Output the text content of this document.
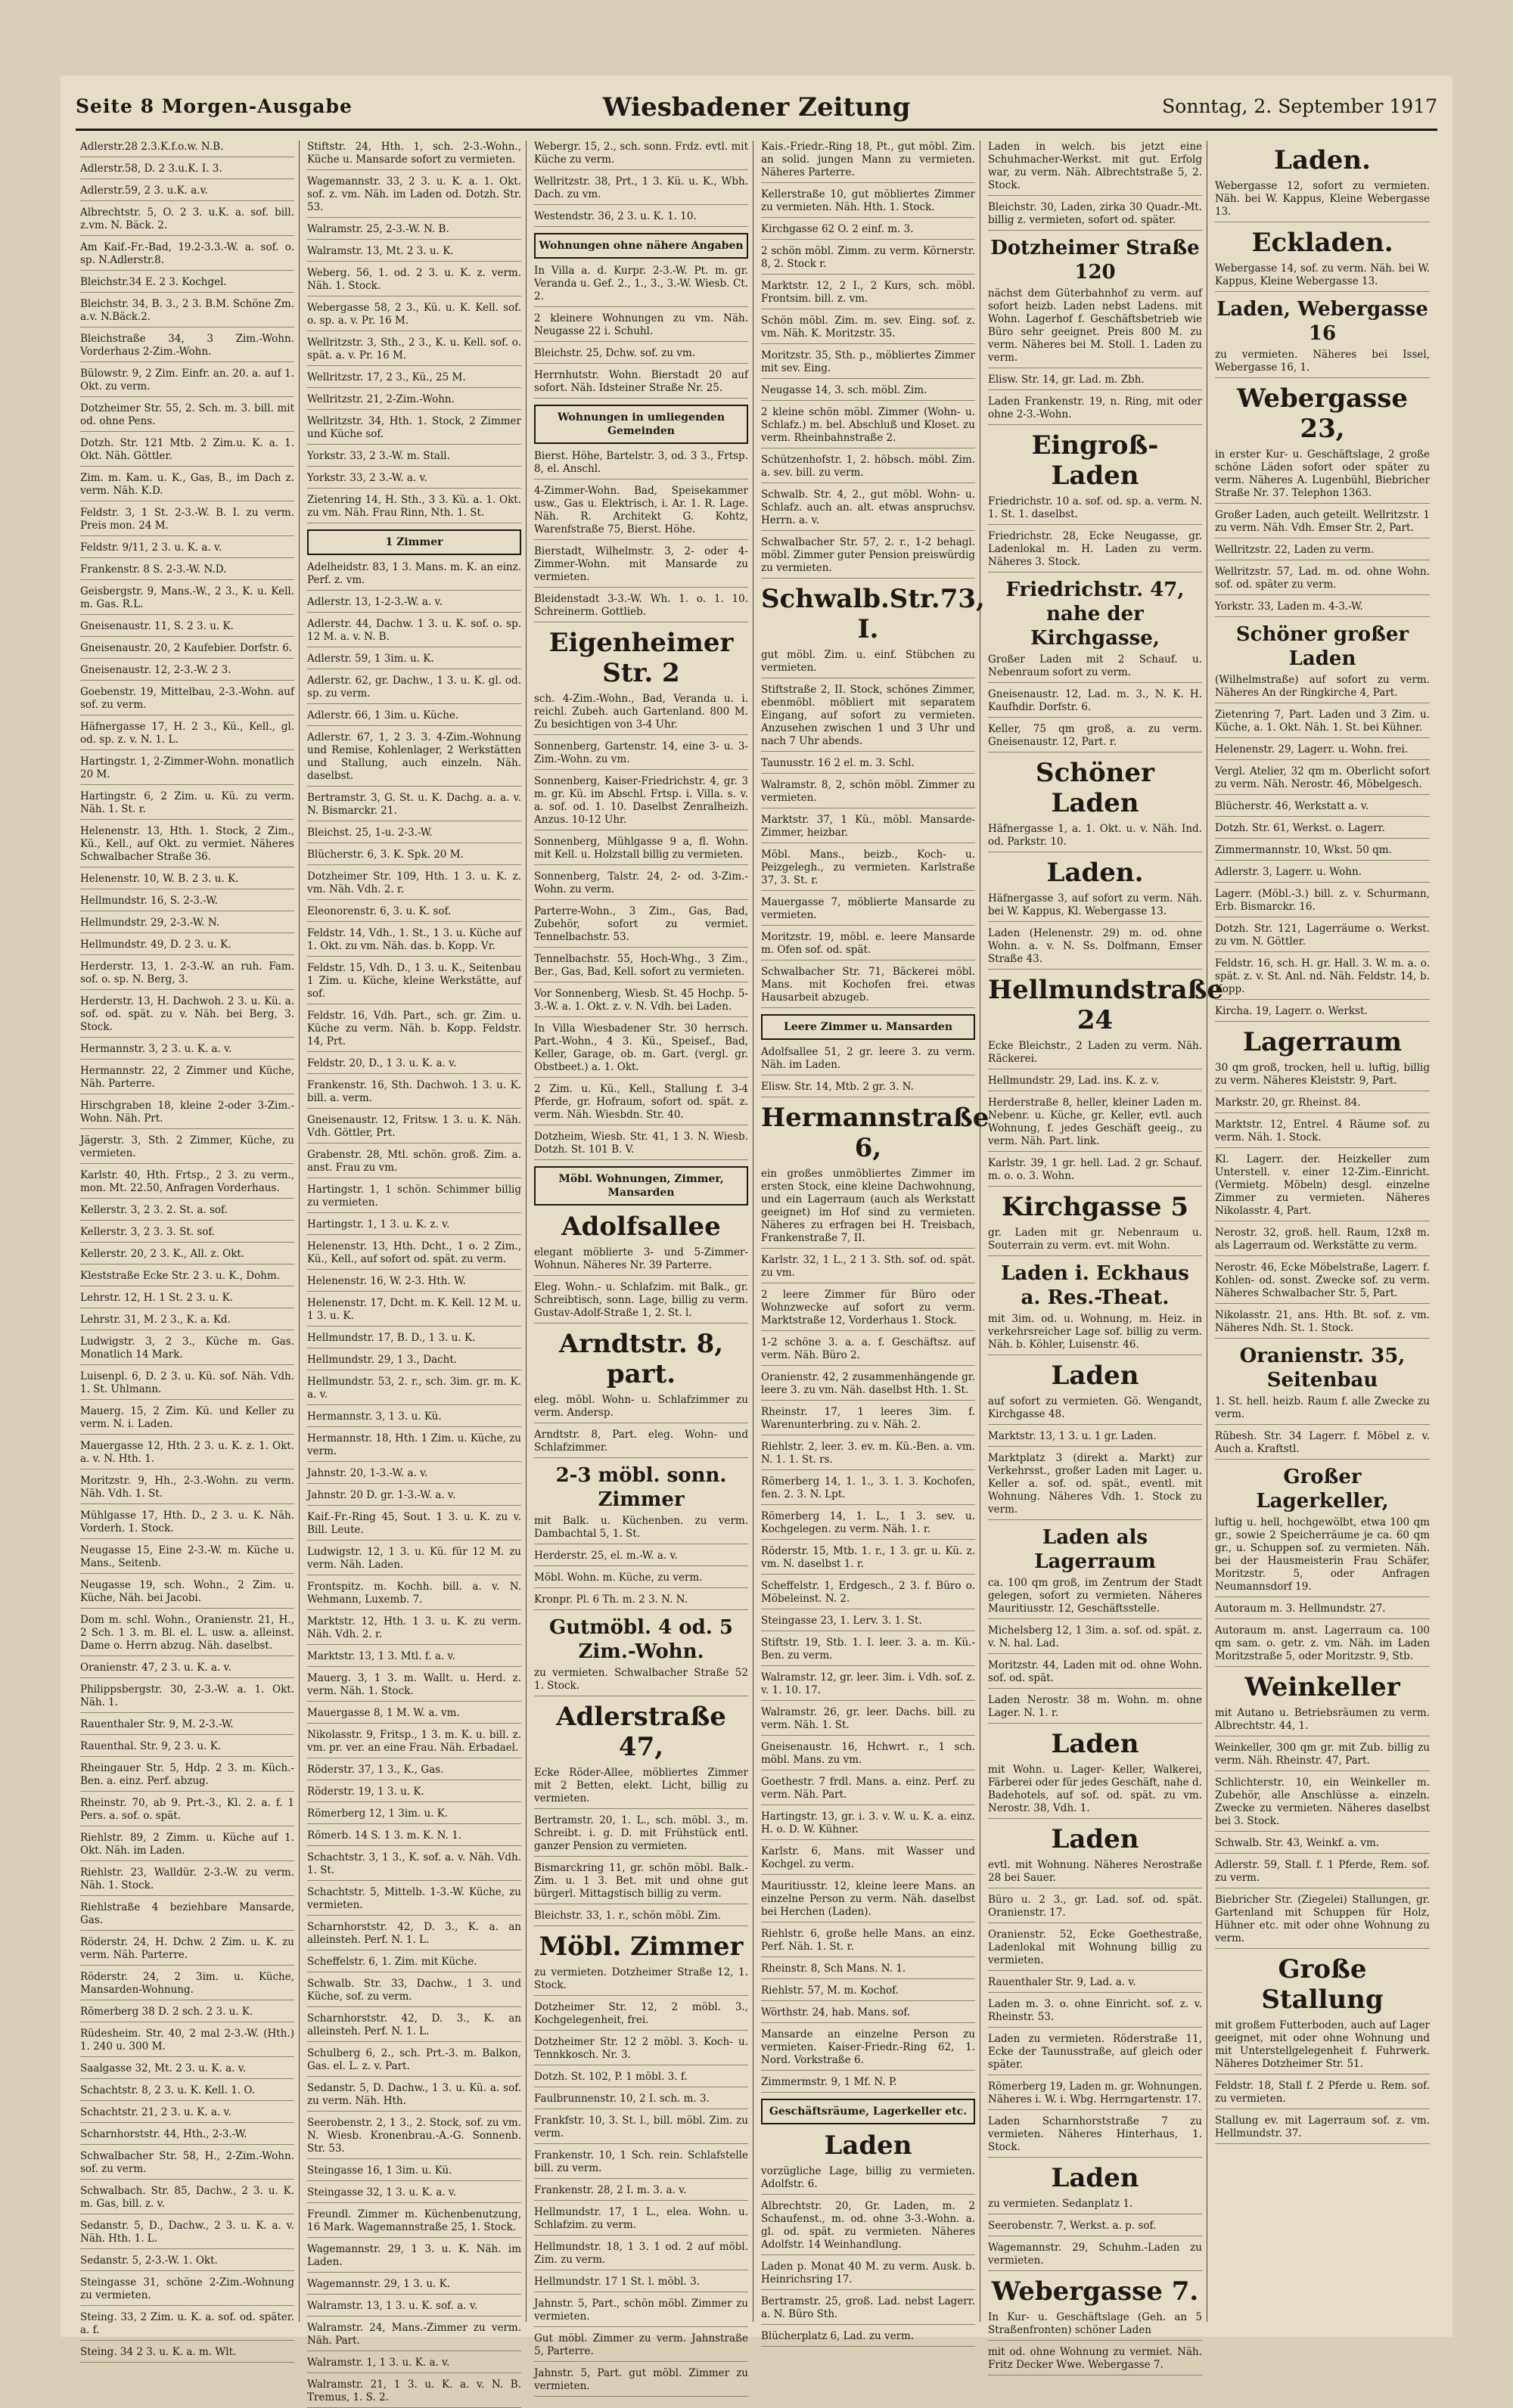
Seite 8 Morgen-Ausgabe	Wiesbadener Zeitung	Sonntag, 2. September 1917
Adlerstr.28 2.3.K.f.o.w. N.B.
Adlerstr.58, D. 2 3.u.K. I. 3.
Adlerstr.59, 2 3. u.K. a.v.
Albrechtstr. 5, O. 2 3. u.K. a. sof. bill. z.vm. N. Bäck. 2.
Am Kaif.-Fr.-Bad, 19.2-3.3.-W. a. sof. o. sp. N.Adlerstr.8.
Bleichstr.34 E. 2 3. Kochgel.
Bleichstr. 34, B. 3., 2 3. B.M. Schöne Zm. a.v. N.Bäck.2.
Bleichstraße 34, 3 Zim.-Wohn. Vorderhaus 2-Zim.-Wohn.
Bülowstr. 9, 2 Zim. Einfr. an. 20. a. auf 1. Okt. zu verm.
Dotzheimer Str. 55, 2. Sch. m. 3. bill. mit od. ohne Pens.
Dotzh. Str. 121 Mtb. 2 Zim.u. K. a. 1. Okt. Näh. Göttler.
Zim. m. Kam. u. K., Gas, B., im Dach z. verm. Näh. K.D.
Feldstr. 3, 1 St. 2-3.-W. B. I. zu verm. Preis mon. 24 M.
Feldstr. 9/11, 2 3. u. K. a. v.
Frankenstr. 8 S. 2-3.-W. N.D.
Geisbergstr. 9, Mans.-W., 2 3., K. u. Kell. m. Gas. R.L.
Gneisenaustr. 11, S. 2 3. u. K.
Gneisenaustr. 20, 2 Kaufebier. Dorfstr. 6.
Gneisenaustr. 12, 2-3.-W. 2 3.
Goebenstr. 19, Mittelbau, 2-3.-Wohn. auf sof. zu verm.
Häfnergasse 17, H. 2 3., Kü., Kell., gl. od. sp. z. v. N. 1. L.
Hartingstr. 1, 2-Zimmer-Wohn. monatlich 20 M.
Hartingstr. 6, 2 Zim. u. Kü. zu verm. Näh. 1. St. r.
Helenenstr. 13, Hth. 1. Stock, 2 Zim., Kü., Kell., auf Okt. zu vermiet. Näheres Schwalbacher Straße 36.
Helenenstr. 10, W. B. 2 3. u. K.
Hellmundstr. 16, S. 2-3.-W.
Hellmundstr. 29, 2-3.-W. N.
Hellmundstr. 49, D. 2 3. u. K.
Herderstr. 13, 1. 2-3.-W. an ruh. Fam. sof. o. sp. N. Berg, 3.
Herderstr. 13, H. Dachwoh. 2 3. u. Kü. a. sof. od. spät. zu v. Näh. bei Berg, 3. Stock.
Hermannstr. 3, 2 3. u. K. a. v.
Hermannstr. 22, 2 Zimmer und Küche, Näh. Parterre.
Hirschgraben 18, kleine 2-oder 3-Zim.-Wohn. Näh. Prt.
Jägerstr. 3, Sth. 2 Zimmer, Küche, zu vermieten.
Karlstr. 40, Hth. Frtsp., 2 3. zu verm., mon. Mt. 22.50, Anfragen Vorderhaus.
Kellerstr. 3, 2 3. 2. St. a. sof.
Kellerstr. 3, 2 3. 3. St. sof.
Kellerstr. 20, 2 3. K., All. z. Okt.
Kleststraße Ecke Str. 2 3. u. K., Dohm.
Lehrstr. 12, H. 1 St. 2 3. u. K.
Lehrstr. 31, M. 2 3., K. a. Kd.
Ludwigstr. 3, 2 3., Küche m. Gas. Monatlich 14 Mark.
Luisenpl. 6, D. 2 3. u. Kü. sof. Näh. Vdh. 1. St. Uhlmann.
Mauerg. 15, 2 Zim. Kü. und Keller zu verm. N. i. Laden.
Mauergasse 12, Hth. 2 3. u. K. z. 1. Okt. a. v. N. Hth. 1.
Moritzstr. 9, Hh., 2-3.-Wohn. zu verm. Näh. Vdh. 1. St.
Mühlgasse 17, Hth. D., 2 3. u. K. Näh. Vorderh. 1. Stock.
Neugasse 15, Eine 2-3.-W. m. Küche u. Mans., Seitenb.
Neugasse 19, sch. Wohn., 2 Zim. u. Küche, Näh. bei Jacobi.
Dom m. schl. Wohn., Oranienstr. 21, H., 2 Sch. 1 3. m. Bl. el. L. usw. a. alleinst. Dame o. Herrn abzug. Näh. daselbst.
Oranienstr. 47, 2 3. u. K. a. v.
Philippsbergstr. 30, 2-3.-W. a. 1. Okt. Näh. 1.
Rauenthaler Str. 9, M. 2-3.-W.
Rauenthal. Str. 9, 2 3. u. K.
Rheingauer Str. 5, Hdp. 2 3. m. Küch.-Ben. a. einz. Perf. abzug.
Rheinstr. 70, ab 9. Prt.-3., Kl. 2. a. f. 1 Pers. a. sof. o. spät.
Riehlstr. 89, 2 Zimm. u. Küche auf 1. Okt. Näh. im Laden.
Riehlstr. 23, Walldür. 2-3.-W. zu verm. Näh. 1. Stock.
Riehlstraße 4 beziehbare Mansarde, Gas.
Röderstr. 24, H. Dchw. 2 Zim. u. K. zu verm. Näh. Parterre.
Röderstr. 24, 2 3im. u. Küche, Mansarden-Wohnung.
Römerberg 38 D. 2 sch. 2 3. u. K.
Rüdesheim. Str. 40, 2 mal 2-3.-W. (Hth.) 1. 240 u. 300 M.
Saalgasse 32, Mt. 2 3. u. K. a. v.
Schachtstr. 8, 2 3. u. K. Kell. 1. O.
Schachtstr. 21, 2 3. u. K. a. v.
Scharnhorststr. 44, Hth., 2-3.-W.
Schwalbacher Str. 58, H., 2-Zim.-Wohn. sof. zu verm.
Schwalbach. Str. 85, Dachw., 2 3. u. K. m. Gas, bill. z. v.
Sedanstr. 5, D., Dachw., 2 3. u. K. a. v. Näh. Hth. 1. L.
Sedanstr. 5, 2-3.-W. 1. Okt.
Steingasse 31, schöne 2-Zim.-Wohnung zu vermieten.
Steing. 33, 2 Zim. u. K. a. sof. od. später. a. f.
Steing. 34 2 3. u. K. a. m. Wlt.
Stiftstr. 24, Hth. 1, sch. 2-3.-Wohn., Küche u. Mansarde sofort zu vermieten.
Wagemannstr. 33, 2 3. u. K. a. 1. Okt. sof. z. vm. Näh. im Laden od. Dotzh. Str. 53.
Walramstr. 25, 2-3.-W. N. B.
Walramstr. 13, Mt. 2 3. u. K.
Weberg. 56, 1. od. 2 3. u. K. z. verm. Näh. 1. Stock.
Webergasse 58, 2 3., Kü. u. K. Kell. sof. o. sp. a. v. Pr. 16 M.
Wellritzstr. 3, Sth., 2 3., K. u. Kell. sof. o. spät. a. v. Pr. 16 M.
Wellritzstr. 17, 2 3., Kü., 25 M.
Wellritzstr. 21, 2-Zim.-Wohn.
Wellritzstr. 34, Hth. 1. Stock, 2 Zimmer und Küche sof.
Yorkstr. 33, 2 3.-W. m. Stall.
Yorkstr. 33, 2 3.-W. a. v.
Zietenring 14, H. Sth., 3 3. Kü. a. 1. Okt. zu vm. Näh. Frau Rinn, Nth. 1. St.
1 Zimmer
Adelheidstr. 83, 1 3. Mans. m. K. an einz. Perf. z. vm.
Adlerstr. 13, 1-2-3.-W. a. v.
Adlerstr. 44, Dachw. 1 3. u. K. sof. o. sp. 12 M. a. v. N. B.
Adlerstr. 59, 1 3im. u. K.
Adlerstr. 62, gr. Dachw., 1 3. u. K. gl. od. sp. zu verm.
Adlerstr. 66, 1 3im. u. Küche.
Adlerstr. 67, 1, 2 3. 3. 4-Zim.-Wohnung und Remise, Kohlenlager, 2 Werkstätten und Stallung, auch einzeln. Näh. daselbst.
Bertramstr. 3, G. St. u. K. Dachg. a. a. v. N. Bismarckr. 21.
Bleichst. 25, 1-u. 2-3.-W.
Blücherstr. 6, 3. K. Spk. 20 M.
Dotzheimer Str. 109, Hth. 1 3. u. K. z. vm. Näh. Vdh. 2. r.
Eleonorenstr. 6, 3. u. K. sof.
Feldstr. 14, Vdh., 1. St., 1 3. u. Küche auf 1. Okt. zu vm. Näh. das. b. Kopp. Vr.
Feldstr. 15, Vdh. D., 1 3. u. K., Seitenbau 1 Zim. u. Küche, kleine Werkstätte, auf sof.
Feldstr. 16, Vdh. Part., sch. gr. Zim. u. Küche zu verm. Näh. b. Kopp. Feldstr. 14, Prt.
Feldstr. 20, D., 1 3. u. K. a. v.
Frankenstr. 16, Sth. Dachwoh. 1 3. u. K. bill. a. verm.
Gneisenaustr. 12, Fritsw. 1 3. u. K. Näh. Vdh. Göttler, Prt.
Grabenstr. 28, Mtl. schön. groß. Zim. a. anst. Frau zu vm.
Hartingstr. 1, 1 schön. Schimmer billig zu vermieten.
Hartingstr. 1, 1 3. u. K. z. v.
Helenenstr. 13, Hth. Dcht., 1 o. 2 Zim., Kü., Kell., auf sofort od. spät. zu verm.
Helenenstr. 16, W. 2-3. Hth. W.
Helenenstr. 17, Dcht. m. K. Kell. 12 M. u. 1 3. u. K.
Hellmundstr. 17, B. D., 1 3. u. K.
Hellmundstr. 29, 1 3., Dacht.
Hellmundstr. 53, 2. r., sch. 3im. gr. m. K. a. v.
Hermannstr. 3, 1 3. u. Kü.
Hermannstr. 18, Hth. 1 Zim. u. Küche, zu verm.
Jahnstr. 20, 1-3.-W. a. v.
Jahnstr. 20 D. gr. 1-3.-W. a. v.
Kaif.-Fr.-Ring 45, Sout. 1 3. u. K. zu v. Bill. Leute.
Ludwigstr. 12, 1 3. u. Kü. für 12 M. zu verm. Näh. Laden.
Frontspitz. m. Kochh. bill. a. v. N. Wehmann, Luxemb. 7.
Marktstr. 12, Hth. 1 3. u. K. zu verm. Näh. Vdh. 2. r.
Marktstr. 13, 1 3. Mtl. f. a. v.
Mauerg. 3, 1 3. m. Wallt. u. Herd. z. verm. Näh. 1. Stock.
Mauergasse 8, 1 M. W. a. vm.
Nikolasstr. 9, Fritsp., 1 3. m. K. u. bill. z. vm. pr. ver. an eine Frau. Näh. Erbadael.
Röderstr. 37, 1 3., K., Gas.
Röderstr. 19, 1 3. u. K.
Römerberg 12, 1 3im. u. K.
Römerb. 14 S. 1 3. m. K. N. 1.
Schachtstr. 3, 1 3., K. sof. a. v. Näh. Vdh. 1. St.
Schachtstr. 5, Mittelb. 1-3.-W. Küche, zu vermieten.
Scharnhorststr. 42, D. 3., K. a. an alleinsteh. Perf. N. 1. L.
Scheffelstr. 6, 1. Zim. mit Küche.
Schwalb. Str. 33, Dachw., 1 3. und Küche, sof. zu verm.
Scharnhorststr. 42, D. 3., K. an alleinsteh. Perf. N. 1. L.
Schulberg 6, 2., sch. Prt.-3. m. Balkon, Gas. el. L. z. v. Part.
Sedanstr. 5, D. Dachw., 1 3. u. Kü. a. sof. zu verm. Näh. Hth.
Seerobenstr. 2, 1 3., 2. Stock, sof. zu vm. N. Wiesb. Kronenbrau.-A.-G. Sonnenb. Str. 53.
Steingasse 16, 1 3im. u. Kü.
Steingasse 32, 1 3. u. K. a. v.
Freundl. Zimmer m. Küchenbenutzung, 16 Mark. Wagemannstraße 25, 1. Stock.
Wagemannstr. 29, 1 3. u. K. Näh. im Laden.
Wagemannstr. 29, 1 3. u. K.
Walramstr. 13, 1 3. u. K. sof. a. v.
Walramstr. 24, Mans.-Zimmer zu verm. Näh. Part.
Walramstr. 1, 1 3. u. K. a. v.
Walramstr. 21, 1 3. u. K. a. v. N. B. Tremus, 1. S. 2.
Webergr. 15, 2., sch. sonn. Frdz. evtl. mit Küche zu verm.
Wellritzstr. 38, Prt., 1 3. Kü. u. K., Wbh. Dach. zu vm.
Westendstr. 36, 2 3. u. K. 1. 10.
Wohnungen ohne nähere Angaben
In Villa a. d. Kurpr. 2-3.-W. Pt. m. gr. Veranda u. Gef. 2., 1., 3., 3.-W. Wiesb. Ct. 2.
2 kleinere Wohnungen zu vm. Näh. Neugasse 22 i. Schuhl.
Bleichstr. 25, Dchw. sof. zu vm.
Herrnhutstr. Wohn. Bierstadt 20 auf sofort. Näh. Idsteiner Straße Nr. 25.
Wohnungen in umliegenden Gemeinden
Bierst. Höhe, Bartelstr. 3, od. 3 3., Frtsp. 8, el. Anschl.
4-Zimmer-Wohn. Bad, Speisekammer usw., Gas u. Elektrisch, i. Ar. 1. R. Lage. Näh. R. Architekt G. Kohtz, Warenfstraße 75, Bierst. Höhe.
Bierstadt, Wilhelmstr. 3, 2- oder 4-Zimmer-Wohn. mit Mansarde zu vermieten.
Bleidenstadt 3-3.-W. Wh. 1. o. 1. 10. Schreinerm. Gottlieb.
Eigenheimer Str. 2
sch. 4-Zim.-Wohn., Bad, Veranda u. i. reichl. Zubeh. auch Gartenland. 800 M. Zu besichtigen von 3-4 Uhr.
Sonnenberg, Gartenstr. 14, eine 3- u. 3-Zim.-Wohn. zu vm.
Sonnenberg, Kaiser-Friedrichstr. 4, gr. 3 m. gr. Kü. im Abschl. Frtsp. i. Villa. s. v. a. sof. od. 1. 10. Daselbst Zenralheizh. Anzus. 10-12 Uhr.
Sonnenberg, Mühlgasse 9 a, fl. Wohn. mit Kell. u. Holzstall billig zu vermieten.
Sonnenberg, Talstr. 24, 2- od. 3-Zim.-Wohn. zu verm.
Parterre-Wohn., 3 Zim., Gas, Bad, Zubehör, sofort zu vermiet. Tennelbachstr. 53.
Tennelbachstr. 55, Hoch-Whg., 3 Zim., Ber., Gas, Bad, Kell. sofort zu vermieten.
Vor Sonnenberg, Wiesb. St. 45 Hochp. 5-3.-W. a. 1. Okt. z. v. N. Vdh. bei Laden.
In Villa Wiesbadener Str. 30 herrsch. Part.-Wohn., 4 3. Kü., Speisef., Bad, Keller, Garage, ob. m. Gart. (vergl. gr. Obstbeet.) a. 1. Okt.
2 Zim. u. Kü., Kell., Stallung f. 3-4 Pferde, gr. Hofraum, sofort od. spät. z. verm. Näh. Wiesbdn. Str. 40.
Dotzheim, Wiesb. Str. 41, 1 3. N. Wiesb. Dotzh. St. 101 B. V.
Möbl. Wohnungen, Zimmer, Mansarden
Adolfsallee
elegant möblierte 3- und 5-Zimmer-Wohnun. Näheres Nr. 39 Parterre.
Eleg. Wohn.- u. Schlafzim. mit Balk., gr. Schreibtisch, sonn. Lage, billig zu verm. Gustav-Adolf-Straße 1, 2. St. l.
Arndtstr. 8, part.
eleg. möbl. Wohn- u. Schlafzimmer zu verm. Andersp.
Arndtstr. 8, Part. eleg. Wohn- und Schlafzimmer.
2-3 möbl. sonn. Zimmer
mit Balk. u. Küchenben. zu verm. Dambachtal 5, 1. St.
Herderstr. 25, el. m.-W. a. v.
Möbl. Wohn. m. Küche, zu verm.
Kronpr. Pl. 6 Th. m. 2 3. N. N.
Gutmöbl. 4 od. 5 Zim.-Wohn.
zu vermieten. Schwalbacher Straße 52 1. Stock.
Adlerstraße 47,
Ecke Röder-Allee, möbliertes Zimmer mit 2 Betten, elekt. Licht, billig zu vermieten.
Bertramstr. 20, 1. L., sch. möbl. 3., m. Schreibt. i. g. D. mit Frühstück entl. ganzer Pension zu vermieten.
Bismarckring 11, gr. schön möbl. Balk.-Zim. u. 1 3. Bet. mit und ohne gut bürgerl. Mittagstisch billig zu verm.
Bleichstr. 33, 1. r., schön möbl. Zim.
Möbl. Zimmer
zu vermieten. Dotzheimer Straße 12, 1. Stock.
Dotzheimer Str. 12, 2 möbl. 3., Kochgelegenheit, frei.
Dotzheimer Str. 12 2 möbl. 3. Koch- u. Tennkkosch. Nr. 3.
Dotzh. St. 102, P. 1 möbl. 3. f.
Faulbrunnenstr. 10, 2 I. sch. m. 3.
Frankfstr. 10, 3. St. l., bill. möbl. Zim. zu verm.
Frankenstr. 10, 1 Sch. rein. Schlafstelle bill. zu verm.
Frankenstr. 28, 2 I. m. 3. a. v.
Hellmundstr. 17, 1 L., elea. Wohn. u. Schlafzim. zu verm.
Hellmundstr. 18, 1 3. 1 od. 2 auf möbl. Zim. zu verm.
Hellmundstr. 17 1 St. l. möbl. 3.
Jahnstr. 5, Part., schön möbl. Zimmer zu vermieten.
Gut möbl. Zimmer zu verm. Jahnstraße 5, Parterre.
Jahnstr. 5, Part. gut möbl. Zimmer zu vermieten.
Kais.-Friedr.-Ring 18, Pt., gut möbl. Zim. an solid. jungen Mann zu vermieten. Näheres Parterre.
Kellerstraße 10, gut möbliertes Zimmer zu vermieten. Näh. Hth. 1. Stock.
Kirchgasse 62 O. 2 einf. m. 3.
2 schön möbl. Zimm. zu verm. Körnerstr. 8, 2. Stock r.
Marktstr. 12, 2 I., 2 Kurs, sch. möbl. Frontsim. bill. z. vm.
Schön möbl. Zim. m. sev. Eing. sof. z. vm. Näh. K. Moritzstr. 35.
Moritzstr. 35, Sth. p., möbliertes Zimmer mit sev. Eing.
Neugasse 14, 3. sch. möbl. Zim.
2 kleine schön möbl. Zimmer (Wohn- u. Schlafz.) m. bel. Abschluß und Kloset. zu verm. Rheinbahnstraße 2.
Schützenhofstr. 1, 2. höbsch. möbl. Zim. a. sev. bill. zu verm.
Schwalb. Str. 4, 2., gut möbl. Wohn- u. Schlafz. auch an. alt. etwas anspruchsv. Herrn. a. v.
Schwalbacher Str. 57, 2. r., 1-2 behagl. möbl. Zimmer guter Pension preiswürdig zu vermieten.
Schwalb.Str.73, I.
gut möbl. Zim. u. einf. Stübchen zu vermieten.
Stiftstraße 2, II. Stock, schönes Zimmer, ebenmöbl. möbliert mit separatem Eingang, auf sofort zu vermieten. Anzusehen zwischen 1 und 3 Uhr und nach 7 Uhr abends.
Taunusstr. 16 2 el. m. 3. Schl.
Walramstr. 8, 2, schön möbl. Zimmer zu vermieten.
Marktstr. 37, 1 Kü., möbl. Mansarde-Zimmer, heizbar.
Möbl. Mans., beizb., Koch- u. Peizgelegh., zu vermieten. Karlstraße 37, 3. St. r.
Mauergasse 7, möblierte Mansarde zu vermieten.
Moritzstr. 19, möbl. e. leere Mansarde m. Ofen sof. od. spät.
Schwalbacher Str. 71, Bäckerei möbl. Mans. mit Kochofen frei. etwas Hausarbeit abzugeb.
Leere Zimmer u. Mansarden
Adolfsallee 51, 2 gr. leere 3. zu verm. Näh. im Laden.
Elisw. Str. 14, Mtb. 2 gr. 3. N.
Hermannstraße 6,
ein großes unmöbliertes Zimmer im ersten Stock, eine kleine Dachwohnung, und ein Lagerraum (auch als Werkstatt geeignet) im Hof sind zu vermieten. Näheres zu erfragen bei H. Treisbach, Frankenstraße 7, II.
Karlstr. 32, 1 L., 2 1 3. Sth. sof. od. spät. zu vm.
2 leere Zimmer für Büro oder Wohnzwecke auf sofort zu verm. Marktstraße 12, Vorderhaus 1. Stock.
1-2 schöne 3. a. a. f. Geschäftsz. auf verm. Näh. Büro 2.
Oranienstr. 42, 2 zusammenhängende gr. leere 3. zu vm. Näh. daselbst Hth. 1. St.
Rheinstr. 17, 1 leeres 3im. f. Warenunterbring. zu v. Näh. 2.
Riehlstr. 2, leer. 3. ev. m. Kü.-Ben. a. vm. N. 1. 1. St. rs.
Römerberg 14, 1. 1., 3. 1. 3. Kochofen, fen. 2. 3. N. Lpt.
Römerberg 14, 1. L., 1 3. sev. u. Kochgelegen. zu verm. Näh. 1. r.
Röderstr. 15, Mtb. 1. r., 1 3. gr. u. Kü. z. vm. N. daselbst 1. r.
Scheffelstr. 1, Erdgesch., 2 3. f. Büro o. Möbeleinst. N. 2.
Steingasse 23, 1. Lerv. 3. 1. St.
Stiftstr. 19, Stb. 1. I. leer. 3. a. m. Kü.-Ben. zu verm.
Walramstr. 12, gr. leer. 3im. i. Vdh. sof. z. v. 1. 10. 17.
Walramstr. 26, gr. leer. Dachs. bill. zu verm. Näh. 1. St.
Gneisenaustr. 16, Hchwrt. r., 1 sch. möbl. Mans. zu vm.
Goethestr. 7 frdl. Mans. a. einz. Perf. zu verm. Näh. Part.
Hartingstr. 13, gr. i. 3. v. W. u. K. a. einz. H. o. D. W. Kühner.
Karlstr. 6, Mans. mit Wasser und Kochgel. zu verm.
Mauritiusstr. 12, kleine leere Mans. an einzelne Person zu verm. Näh. daselbst bei Herchen (Laden).
Riehlstr. 6, große helle Mans. an einz. Perf. Näh. 1. St. r.
Rheinstr. 8, Sch Mans. N. 1.
Riehlstr. 57, M. m. Kochof.
Wörthstr. 24, hab. Mans. sof.
Mansarde an einzelne Person zu vermieten. Kaiser-Friedr.-Ring 62, 1. Nord. Vorkstraße 6.
Zimmermstr. 9, 1 Mf. N. P.
Geschäftsräume, Lagerkeller etc.
Laden
vorzügliche Lage, billig zu vermieten. Adolfstr. 6.
Albrechtstr. 20, Gr. Laden, m. 2 Schaufenst., m. od. ohne 3-3.-Wohn. a. gl. od. spät. zu vermieten. Näheres Adolfstr. 14 Weinhandlung.
Laden p. Monat 40 M. zu verm. Ausk. b. Heinrichsring 17.
Bertramstr. 25, groß. Lad. nebst Lagerr. a. N. Büro Sth.
Blücherplatz 6, Lad. zu verm.
Laden in welch. bis jetzt eine Schuhmacher-Werkst. mit gut. Erfolg war, zu verm. Näh. Albrechtstraße 5, 2. Stock.
Bleichstr. 30, Laden, zirka 30 Quadr.-Mt. billig z. vermieten, sofort od. später.
Dotzheimer Straße 120
nächst dem Güterbahnhof zu verm. auf sofort heizb. Laden nebst Ladens. mit Wohn. Lagerhof f. Geschäftsbetrieb wie Büro sehr geeignet. Preis 800 M. zu verm. Näheres bei M. Stoll. 1. Laden zu verm.
Elisw. Str. 14, gr. Lad. m. Zbh.
Laden Frankenstr. 19, n. Ring, mit oder ohne 2-3.-Wohn.
Eingroß-Laden
Friedrichstr. 10 a. sof. od. sp. a. verm. N. 1. St. 1. daselbst.
Friedrichstr. 28, Ecke Neugasse, gr. Ladenlokal m. H. Laden zu verm. Näheres 3. Stock.
Friedrichstr. 47, nahe der Kirchgasse,
Großer Laden mit 2 Schauf. u. Nebenraum sofort zu verm.
Gneisenaustr. 12, Lad. m. 3., N. K. H. Kaufhdir. Dorfstr. 6.
Keller, 75 qm groß, a. zu verm. Gneisenaustr. 12, Part. r.
Schöner Laden
Häfnergasse 1, a. 1. Okt. u. v. Näh. Ind. od. Parkstr. 10.
Laden.
Häfnergasse 3, auf sofort zu verm. Näh. bei W. Kappus, Kl. Webergasse 13.
Laden (Helenenstr. 29) m. od. ohne Wohn. a. v. N. Ss. Dolfmann, Emser Straße 43.
Hellmundstraße 24
Ecke Bleichstr., 2 Laden zu verm. Näh. Räckerei.
Hellmundstr. 29, Lad. ins. K. z. v.
Herderstraße 8, heller, kleiner Laden m. Nebenr. u. Küche, gr. Keller, evtl. auch Wohnung, f. jedes Geschäft geeig., zu verm. Näh. Part. link.
Karlstr. 39, 1 gr. hell. Lad. 2 gr. Schauf. m. o. o. 3. Wohn.
Kirchgasse 5
gr. Laden mit gr. Nebenraum u. Souterrain zu verm. evt. mit Wohn.
Laden i. Eckhaus a. Res.-Theat.
mit 3im. od. u. Wohnung, m. Heiz. in verkehrsreicher Lage sof. billig zu verm. Näh. b. Köhler, Luisenstr. 46.
Laden
auf sofort zu vermieten. Gö. Wengandt, Kirchgasse 48.
Marktstr. 13, 1 3. u. 1 gr. Laden.
Marktplatz 3 (direkt a. Markt) zur Verkehrsst., großer Laden mit Lager. u. Keller a. sof. od. spät., eventl. mit Wohnung. Näheres Vdh. 1. Stock zu verm.
Laden als Lagerraum
ca. 100 qm groß, im Zentrum der Stadt gelegen, sofort zu vermieten. Näheres Mauritiusstr. 12, Geschäftsstelle.
Michelsberg 12, 1 3im. a. sof. od. spät. z. v. N. hal. Lad.
Moritzstr. 44, Laden mit od. ohne Wohn. sof. od. spät.
Laden Nerostr. 38 m. Wohn. m. ohne Lager. N. 1. r.
Laden
mit Wohn. u. Lager- Keller, Walkerei, Färberei oder für jedes Geschäft, nahe d. Badehotels, auf sof. od. spät. zu vm. Nerostr. 38, Vdh. 1.
Laden
evtl. mit Wohnung. Näheres Nerostraße 28 bei Sauer.
Büro u. 2 3., gr. Lad. sof. od. spät. Oranienstr. 17.
Oranienstr. 52, Ecke Goethestraße, Ladenlokal mit Wohnung billig zu vermieten.
Rauenthaler Str. 9, Lad. a. v.
Laden m. 3. o. ohne Einricht. sof. z. v. Rheinstr. 53.
Laden zu vermieten. Röderstraße 11, Ecke der Taunusstraße, auf gleich oder später.
Römerberg 19, Laden m. gr. Wohnungen. Näheres i. W. i. Wbg. Herrngartenstr. 17.
Laden Scharnhorststraße 7 zu vermieten. Näheres Hinterhaus, 1. Stock.
Laden
zu vermieten. Sedanplatz 1.
Seerobenstr. 7, Werkst. a. p. sof.
Wagemannstr. 29, Schuhm.-Laden zu vermieten.
Webergasse 7.
In Kur- u. Geschäftslage (Geh. an 5 Straßenfronten) schöner Laden
mit od. ohne Wohnung zu vermiet. Näh. Fritz Decker Wwe. Webergasse 7.
Laden.
Webergasse 12, sofort zu vermieten. Näh. bei W. Kappus, Kleine Webergasse 13.
Eckladen.
Webergasse 14, sof. zu verm. Näh. bei W. Kappus, Kleine Webergasse 13.
Laden, Webergasse 16
zu vermieten. Näheres bei Issel, Webergasse 16, 1.
Webergasse 23,
in erster Kur- u. Geschäftslage, 2 große schöne Läden sofort oder später zu verm. Näheres A. Lugenbühl, Biebricher Straße Nr. 37. Telephon 1363.
Großer Laden, auch geteilt. Wellritzstr. 1 zu verm. Näh. Vdh. Emser Str. 2, Part.
Wellritzstr. 22, Laden zu verm.
Wellritzstr. 57, Lad. m. od. ohne Wohn. sof. od. später zu verm.
Yorkstr. 33, Laden m. 4-3.-W.
Schöner großer Laden
(Wilhelmstraße) auf sofort zu verm. Näheres An der Ringkirche 4, Part.
Zietenring 7, Part. Laden und 3 Zim. u. Küche, a. 1. Okt. Näh. 1. St. bei Kühner.
Helenenstr. 29, Lagerr. u. Wohn. frei.
Vergl. Atelier, 32 qm m. Oberlicht sofort zu verm. Näh. Nerostr. 46, Möbelgesch.
Blücherstr. 46, Werkstatt a. v.
Dotzh. Str. 61, Werkst. o. Lagerr.
Zimmermannstr. 10, Wkst. 50 qm.
Adlerstr. 3, Lagerr. u. Wohn.
Lagerr. (Möbl.-3.) bill. z. v. Schurmann, Erb. Bismarckr. 16.
Dotzh. Str. 121, Lagerräume o. Werkst. zu vm. N. Göttler.
Feldstr. 16, sch. H. gr. Hall. 3. W. m. a. o. spät. z. v. St. Anl. nd. Näh. Feldstr. 14, b. Kopp.
Kircha. 19, Lagerr. o. Werkst.
Lagerraum
30 qm groß, trocken, hell u. luftig, billig zu verm. Näheres Kleiststr. 9, Part.
Markstr. 20, gr. Rheinst. 84.
Marktstr. 12, Entrel. 4 Räume sof. zu verm. Näh. 1. Stock.
Kl. Lagerr. der. Heizkeller zum Unterstell. v. einer 12-Zim.-Einricht. (Vermietg. Möbeln) desgl. einzelne Zimmer zu vermieten. Näheres Nikolasstr. 4, Part.
Nerostr. 32, groß. hell. Raum, 12x8 m. als Lagerraum od. Werkstätte zu verm.
Nerostr. 46, Ecke Möbelstraße, Lagerr. f. Kohlen- od. sonst. Zwecke sof. zu verm. Näheres Schwalbacher Str. 5, Part.
Nikolasstr. 21, ans. Hth. Bt. sof. z. vm. Näheres Ndh. St. 1. Stock.
Oranienstr. 35, Seitenbau
1. St. hell. heizb. Raum f. alle Zwecke zu verm.
Rübesh. Str. 34 Lagerr. f. Möbel z. v. Auch a. Kraftstl.
Großer Lagerkeller,
luftig u. hell, hochgewölbt, etwa 100 qm gr., sowie 2 Speicherräume je ca. 60 qm gr., u. Schuppen sof. zu vermieten. Näh. bei der Hausmeisterin Frau Schäfer, Moritzstr. 5, oder Anfragen Neumannsdorf 19.
Autoraum m. 3. Hellmundstr. 27.
Autoraum m. anst. Lagerraum ca. 100 qm sam. o. getr. z. vm. Näh. im Laden Moritzstraße 5, oder Moritzstr. 9, Stb.
Weinkeller
mit Autano u. Betriebsräumen zu verm. Albrechtstr. 44, 1.
Weinkeller, 300 qm gr. mit Zub. billig zu verm. Näh. Rheinstr. 47, Part.
Schlichterstr. 10, ein Weinkeller m. Zubehör, alle Anschlüsse a. einzeln. Zwecke zu vermieten. Näheres daselbst bei 3. Stock.
Schwalb. Str. 43, Weinkf. a. vm.
Adlerstr. 59, Stall. f. 1 Pferde, Rem. sof. zu verm.
Biebricher Str. (Ziegelei) Stallungen, gr. Gartenland mit Schuppen für Holz, Hühner etc. mit oder ohne Wohnung zu verm.
Große Stallung
mit großem Futterboden, auch auf Lager geeignet, mit oder ohne Wohnung und mit Unterstellgelegenheit f. Fuhrwerk. Näheres Dotzheimer Str. 51.
Feldstr. 18, Stall f. 2 Pferde u. Rem. sof. zu vermieten.
Stallung ev. mit Lagerraum sof. z. vm. Hellmundstr. 37.
